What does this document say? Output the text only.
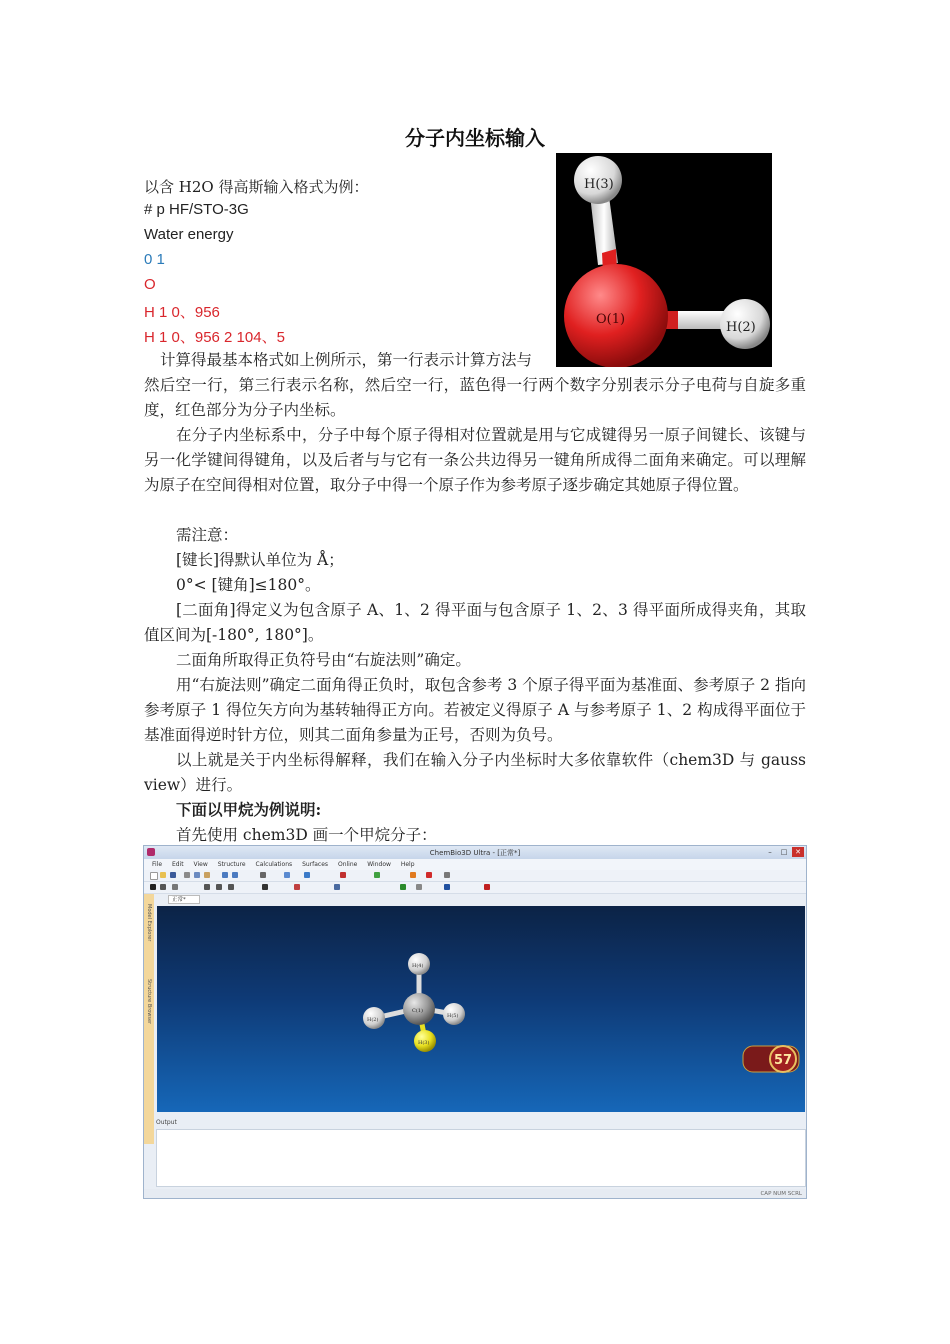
分子内坐标输入
以含 H2O 得高斯输入格式为例：
# p HF/STO-3G
Water energy
0 1
O
H 1 0、956
H 1 0、956 2 104、5
H(3)
O(1)
H(2)
计算得最基本格式如上例所示，第一行表示计算方法与
然后空一行，第三行表示名称，然后空一行，蓝色得一行两个数字分别表示分子电荷与自旋多重度，红色部分为分子内坐标。
在分子内坐标系中，分子中每个原子得相对位置就是用与它成键得另一原子间键长、该键与另一化学键间得键角，以及后者与与它有一条公共边得另一键角所成得二面角来确定。可以理解为原子在空间得相对位置，取分子中得一个原子作为参考原子逐步确定其她原子得位置。
需注意：
[键长]得默认单位为 Å；
0°< [键角]≤180°。
[二面角]得定义为包含原子 A、1、2 得平面与包含原子 1、2、3 得平面所成得夹角，其取值区间为[-180°, 180°]。
二面角所取得正负符号由“右旋法则”确定。
用“右旋法则”确定二面角得正负时，取包含参考 3 个原子得平面为基准面、参考原子 2 指向参考原子 1 得位矢方向为基转轴得正方向。若被定义得原子 A 与参考原子 1、2 构成得平面位于基准面得逆时针方位，则其二面角参量为正号，否则为负号。
以上就是关于内坐标得解释，我们在输入分子内坐标时大多依靠软件（chem3D 与 gauss view）进行。
下面以甲烷为例说明:
首先使用 chem3D 画一个甲烷分子：
ChemBio3D Ultra - [正常*]	–	□	✕
File Edit View Structure Calculations Surfaces Online Window Help
Model Explorer
Structure Browser
正常*
H(4)
H(2)
H(5)
C(1)
H(3)
57
Output
CAP NUM SCRL
